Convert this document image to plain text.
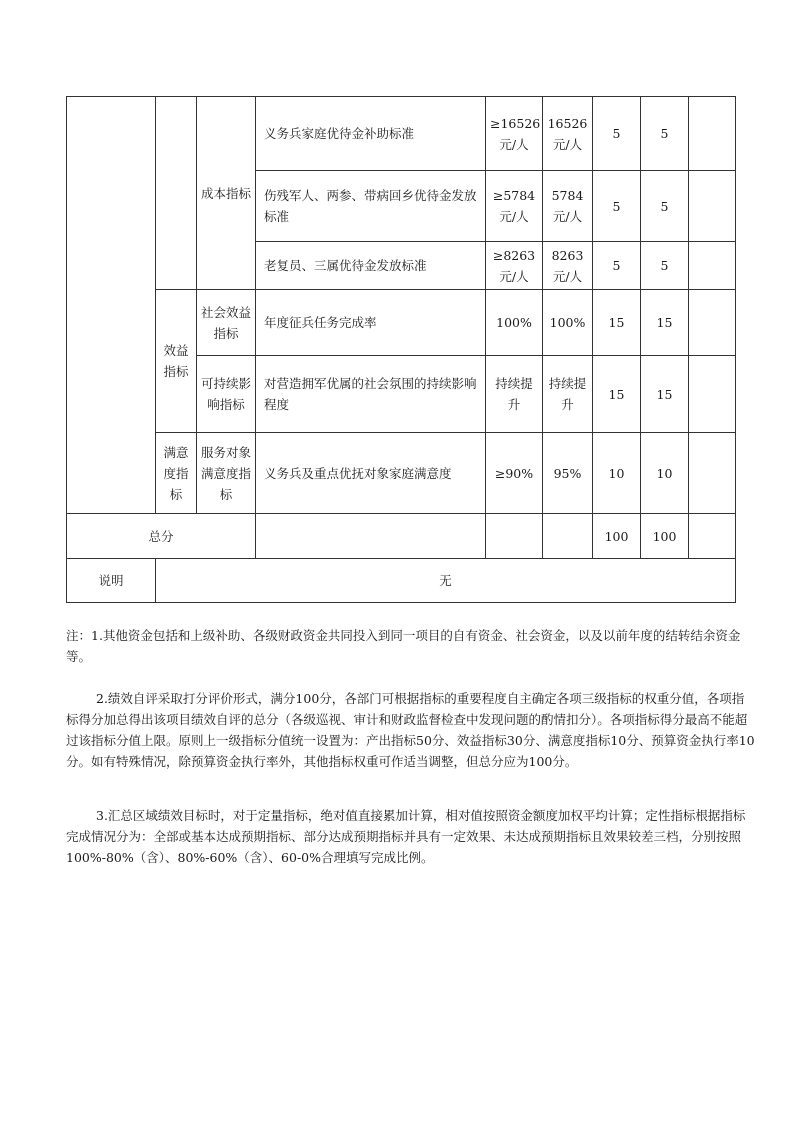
		成本指标	义务兵家庭优待金补助标准	≥16526元/人	16526元/人	5	5	
			伤残军人、两参、带病回乡优待金发放标准	≥5784元/人	5784元/人	5	5	
			老复员、三属优待金发放标准	≥8263元/人	8263元/人	5	5	
	效益指标	社会效益指标	年度征兵任务完成率	100%	100%	15	15	
		可持续影响指标	对营造拥军优属的社会氛围的持续影响程度	持续提升	持续提升	15	15	
	满意度指标	服务对象满意度指标	义务兵及重点优抚对象家庭满意度	≥90%	95%	10	10	
总分						100	100	
说明	无							

注：1.其他资金包括和上级补助、各级财政资金共同投入到同一项目的自有资金、社会资金，以及以前年度的结转结余资金等。

2.绩效自评采取打分评价形式，满分100分，各部门可根据指标的重要程度自主确定各项三级指标的权重分值，各项指标得分加总得出该项目绩效自评的总分（各级巡视、审计和财政监督检查中发现问题的酌情扣分）。各项指标得分最高不能超过该指标分值上限。原则上一级指标分值统一设置为：产出指标50分、效益指标30分、满意度指标10分、预算资金执行率10分。如有特殊情况，除预算资金执行率外，其他指标权重可作适当调整，但总分应为100分。

3.汇总区域绩效目标时，对于定量指标，绝对值直接累加计算，相对值按照资金额度加权平均计算；定性指标根据指标完成情况分为：全部或基本达成预期指标、部分达成预期指标并具有一定效果、未达成预期指标且效果较差三档，分别按照100%-80%（含）、80%-60%（含）、60-0%合理填写完成比例。
